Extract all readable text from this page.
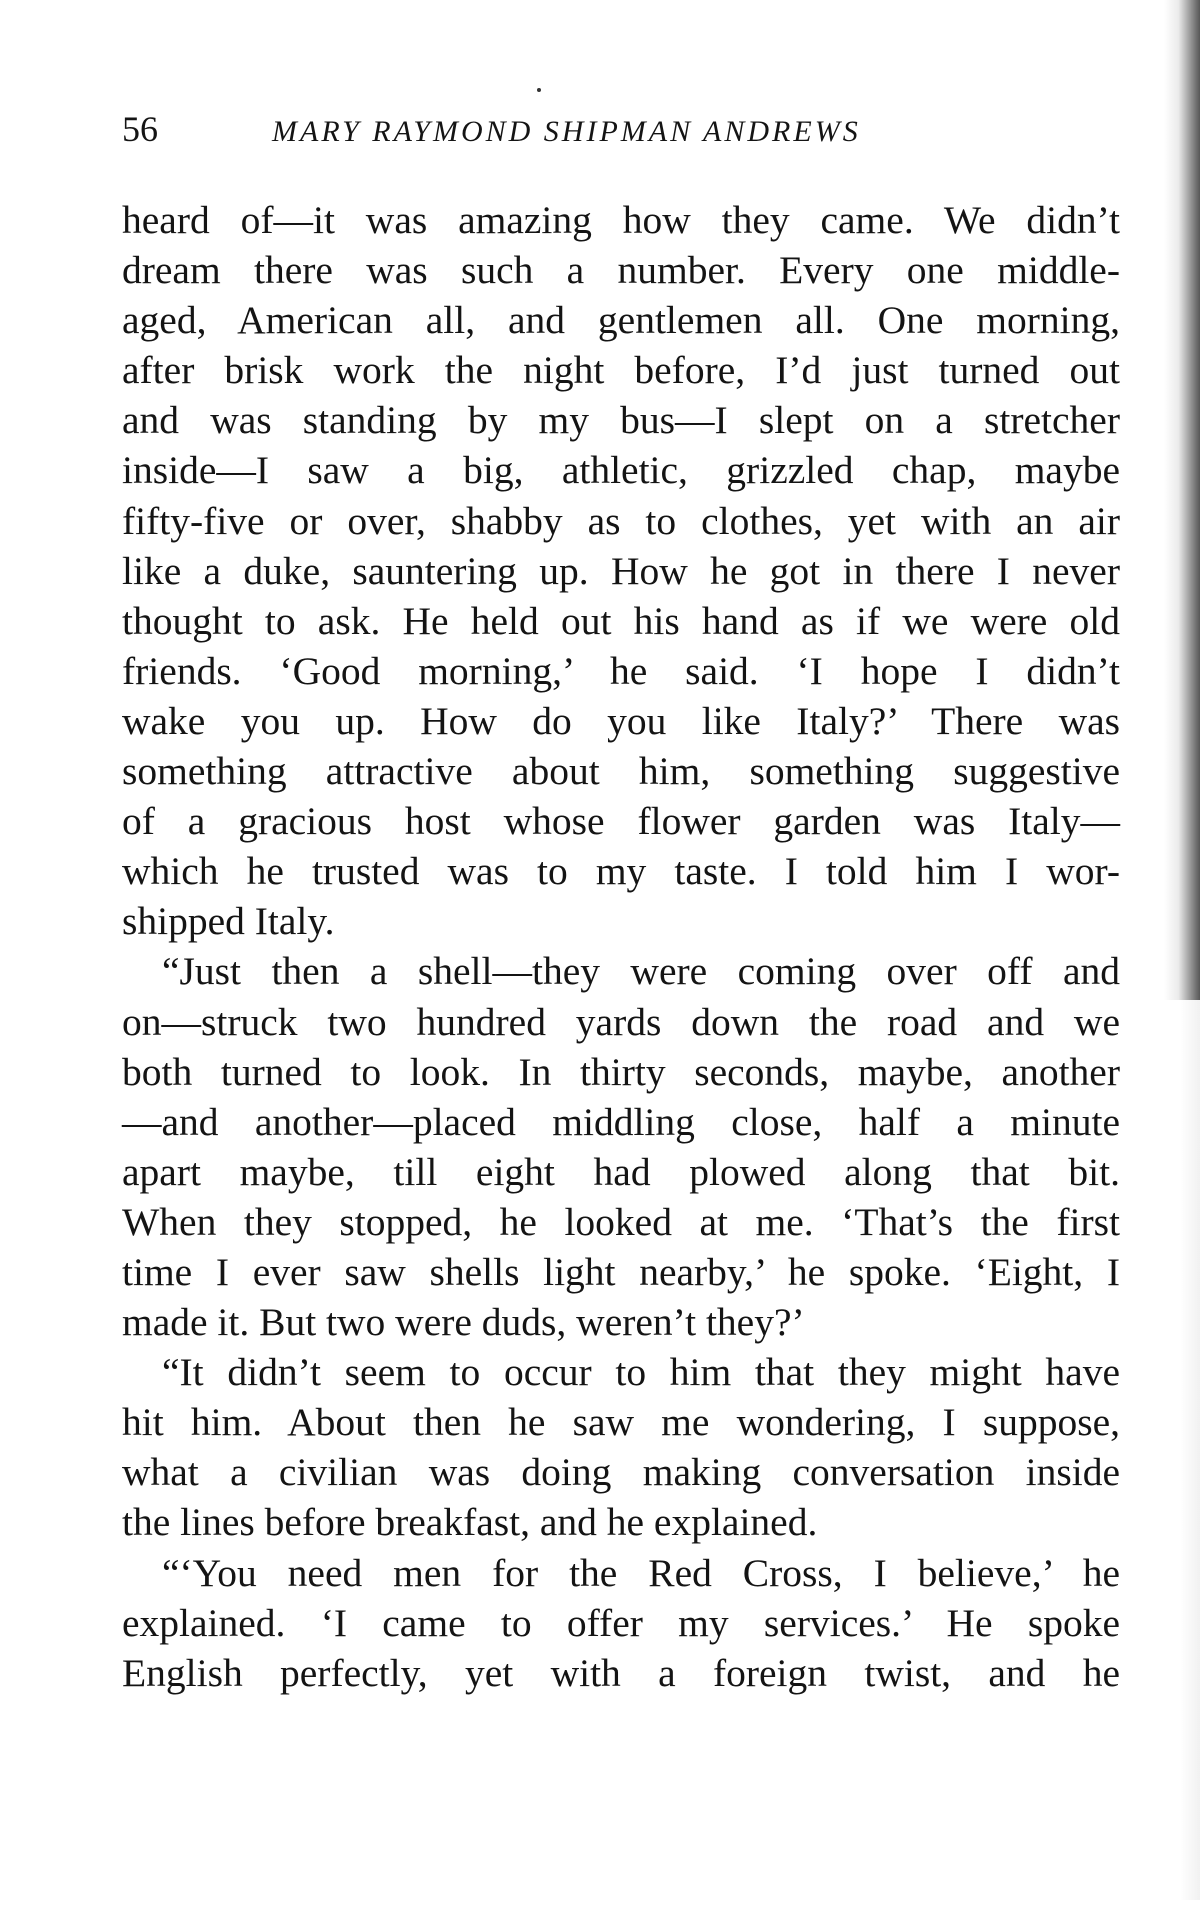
56	MARY RAYMOND SHIPMAN ANDREWS
heard of—it was amazing how they came. We didn’t
dream there was such a number. Every one middle-
aged, American all, and gentlemen all. One morning,
after brisk work the night before, I’d just turned out
and was standing by my bus—I slept on a stretcher
inside—I saw a big, athletic, grizzled chap, maybe
fifty-five or over, shabby as to clothes, yet with an air
like a duke, sauntering up. How he got in there I never
thought to ask. He held out his hand as if we were old
friends. ‘Good morning,’ he said. ‘I hope I didn’t
wake you up. How do you like Italy?’ There was
something attractive about him, something suggestive
of a gracious host whose flower garden was Italy—
which he trusted was to my taste. I told him I wor-
shipped Italy.
“Just then a shell—they were coming over off and
on—struck two hundred yards down the road and we
both turned to look. In thirty seconds, maybe, another
—and another—placed middling close, half a minute
apart maybe, till eight had plowed along that bit.
When they stopped, he looked at me. ‘That’s the first
time I ever saw shells light nearby,’ he spoke. ‘Eight, I
made it. But two were duds, weren’t they?’
“It didn’t seem to occur to him that they might have
hit him. About then he saw me wondering, I suppose,
what a civilian was doing making conversation inside
the lines before breakfast, and he explained.
“‘You need men for the Red Cross, I believe,’ he
explained. ‘I came to offer my services.’ He spoke
English perfectly, yet with a foreign twist, and he
